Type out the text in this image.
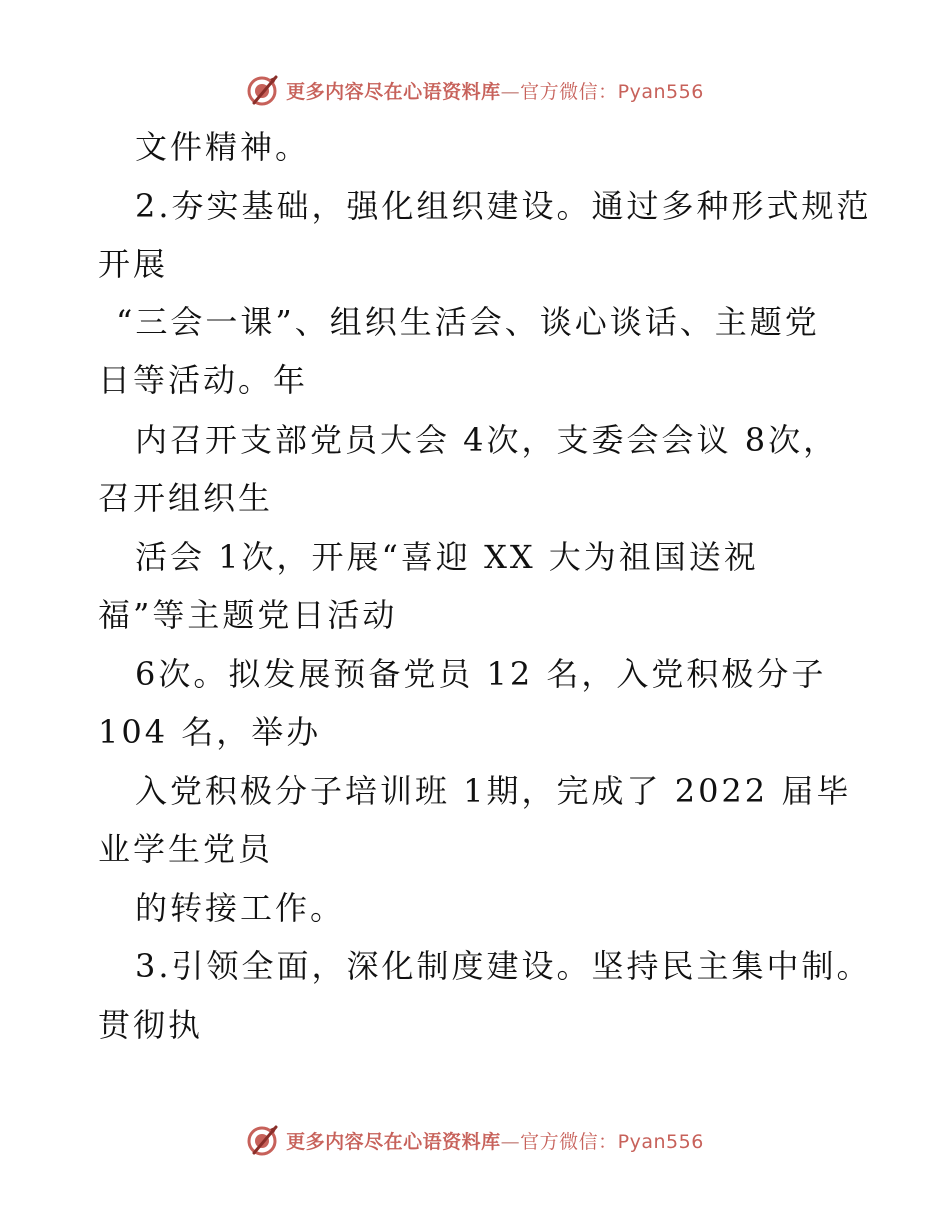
更多内容尽在心语资料库—官方微信：Pyan556
文件精神。
2.夯实基础，强化组织建设。通过多种形式规范
开展
“三会一课”、组织生活会、谈心谈话、主题党
日等活动。年
内召开支部党员大会 4次，支委会会议 8次，
召开组织生
活会 1次，开展“喜迎 XX 大为祖国送祝
福”等主题党日活动
6次。拟发展预备党员 12 名，入党积极分子
104 名，举办
入党积极分子培训班 1期，完成了 2022 届毕
业学生党员
的转接工作。
3.引领全面，深化制度建设。坚持民主集中制。
贯彻执
更多内容尽在心语资料库—官方微信：Pyan556
